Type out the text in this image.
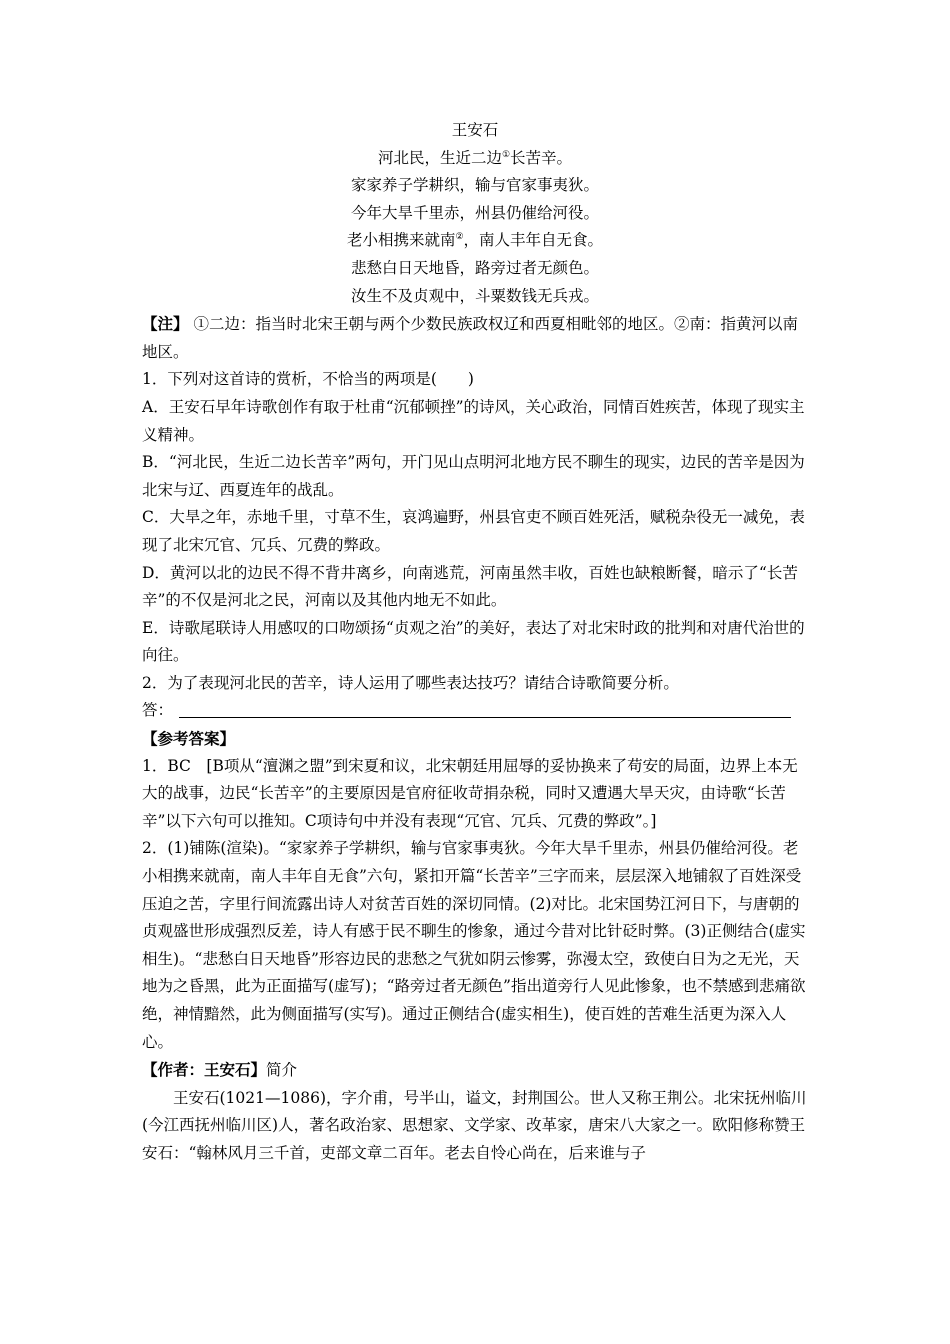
王安石

河北民，生近二边①长苦辛。

家家养子学耕织，输与官家事夷狄。

今年大旱千里赤，州县仍催给河役。

老小相携来就南②，南人丰年自无食。

悲愁白日天地昏，路旁过者无颜色。

汝生不及贞观中，斗粟数钱无兵戎。

【注】 ①二边：指当时北宋王朝与两个少数民族政权辽和西夏相毗邻的地区。②南：指黄河以南地区。

1．下列对这首诗的赏析，不恰当的两项是(　　)

A．王安石早年诗歌创作有取于杜甫“沉郁顿挫”的诗风，关心政治，同情百姓疾苦，体现了现实主义精神。

B．“河北民，生近二边长苦辛”两句，开门见山点明河北地方民不聊生的现实，边民的苦辛是因为北宋与辽、西夏连年的战乱。

C．大旱之年，赤地千里，寸草不生，哀鸿遍野，州县官吏不顾百姓死活，赋税杂役无一减免，表现了北宋冗官、冗兵、冗费的弊政。

D．黄河以北的边民不得不背井离乡，向南逃荒，河南虽然丰收，百姓也缺粮断餐，暗示了“长苦辛”的不仅是河北之民，河南以及其他内地无不如此。

E．诗歌尾联诗人用感叹的口吻颂扬“贞观之治”的美好，表达了对北宋时政的批判和对唐代治世的向往。

2．为了表现河北民的苦辛，诗人运用了哪些表达技巧？请结合诗歌简要分析。

答：

【参考答案】

1．BC　[B项从“澶渊之盟”到宋夏和议，北宋朝廷用屈辱的妥协换来了苟安的局面，边界上本无大的战事，边民“长苦辛”的主要原因是官府征收苛捐杂税，同时又遭遇大旱天灾，由诗歌“长苦辛”以下六句可以推知。C项诗句中并没有表现“冗官、冗兵、冗费的弊政”。]

2．(1)铺陈(渲染)。“家家养子学耕织，输与官家事夷狄。今年大旱千里赤，州县仍催给河役。老小相携来就南，南人丰年自无食”六句，紧扣开篇“长苦辛”三字而来，层层深入地铺叙了百姓深受压迫之苦，字里行间流露出诗人对贫苦百姓的深切同情。(2)对比。北宋国势江河日下，与唐朝的贞观盛世形成强烈反差，诗人有感于民不聊生的惨象，通过今昔对比针砭时弊。(3)正侧结合(虚实相生)。“悲愁白日天地昏”形容边民的悲愁之气犹如阴云惨雾，弥漫太空，致使白日为之无光，天地为之昏黑，此为正面描写(虚写)；“路旁过者无颜色”指出道旁行人见此惨象，也不禁感到悲痛欲绝，神情黯然，此为侧面描写(实写)。通过正侧结合(虚实相生)，使百姓的苦难生活更为深入人心。

【作者：王安石】简介

王安石(1021—1086)，字介甫，号半山，谥文，封荆国公。世人又称王荆公。北宋抚州临川(今江西抚州临川区)人，著名政治家、思想家、文学家、改革家，唐宋八大家之一。欧阳修称赞王安石：“翰林风月三千首，吏部文章二百年。老去自怜心尚在，后来谁与子
